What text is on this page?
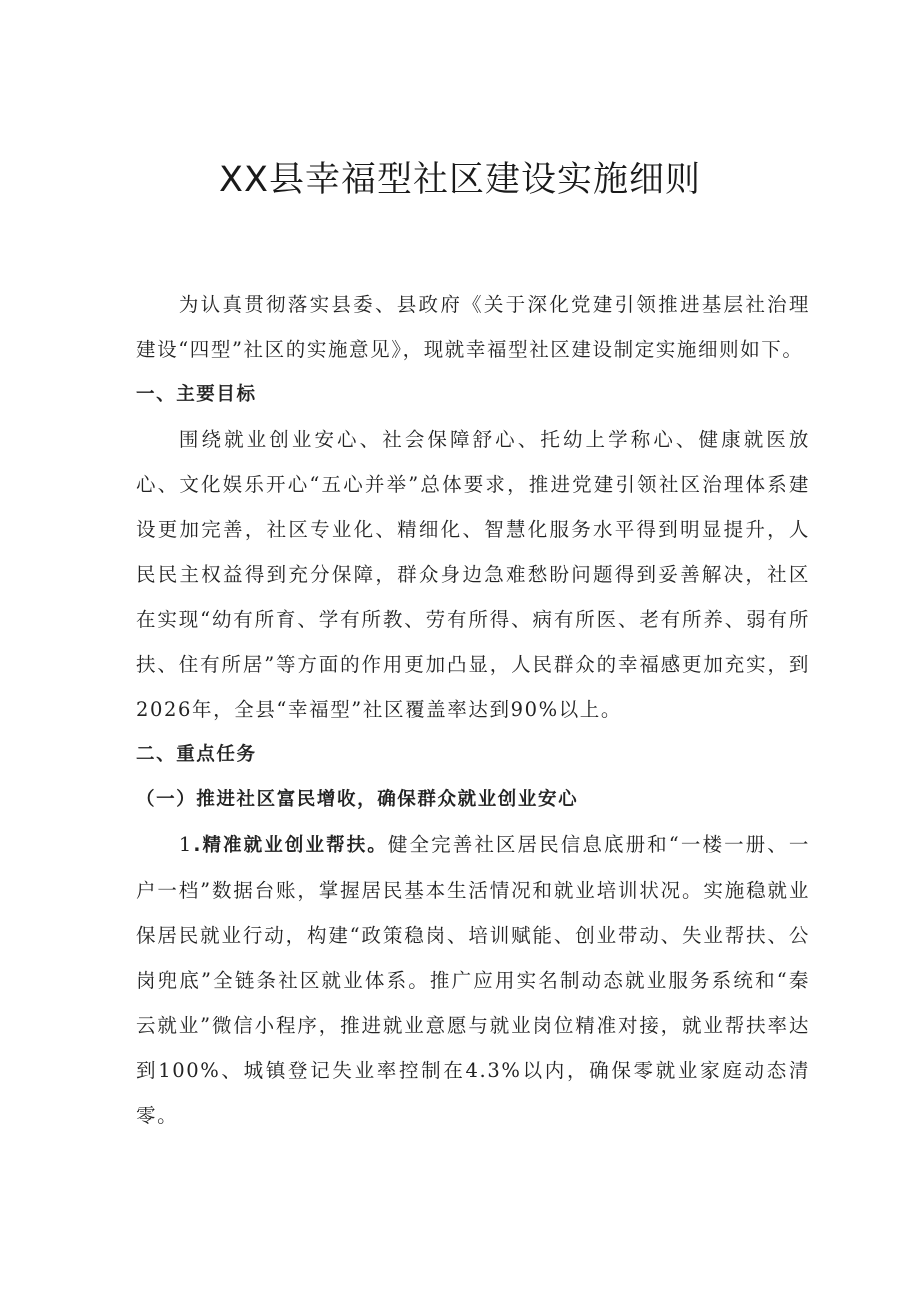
XX县幸福型社区建设实施细则

为认真贯彻落实县委、县政府《关于深化党建引领推进基层社治理建设“四型”社区的实施意见》，现就幸福型社区建设制定实施细则如下。

一、主要目标

围绕就业创业安心、社会保障舒心、托幼上学称心、健康就医放心、文化娱乐开心“五心并举”总体要求，推进党建引领社区治理体系建设更加完善，社区专业化、精细化、智慧化服务水平得到明显提升，人民民主权益得到充分保障，群众身边急难愁盼问题得到妥善解决，社区在实现“幼有所育、学有所教、劳有所得、病有所医、老有所养、弱有所扶、住有所居”等方面的作用更加凸显，人民群众的幸福感更加充实，到2026年，全县“幸福型”社区覆盖率达到90%以上。

二、重点任务

（一）推进社区富民增收，确保群众就业创业安心

1.精准就业创业帮扶。健全完善社区居民信息底册和“一楼一册、一户一档”数据台账，掌握居民基本生活情况和就业培训状况。实施稳就业保居民就业行动，构建“政策稳岗、培训赋能、创业带动、失业帮扶、公岗兜底”全链条社区就业体系。推广应用实名制动态就业服务系统和“秦云就业”微信小程序，推进就业意愿与就业岗位精准对接，就业帮扶率达到100%、城镇登记失业率控制在4.3%以内，确保零就业家庭动态清零。
